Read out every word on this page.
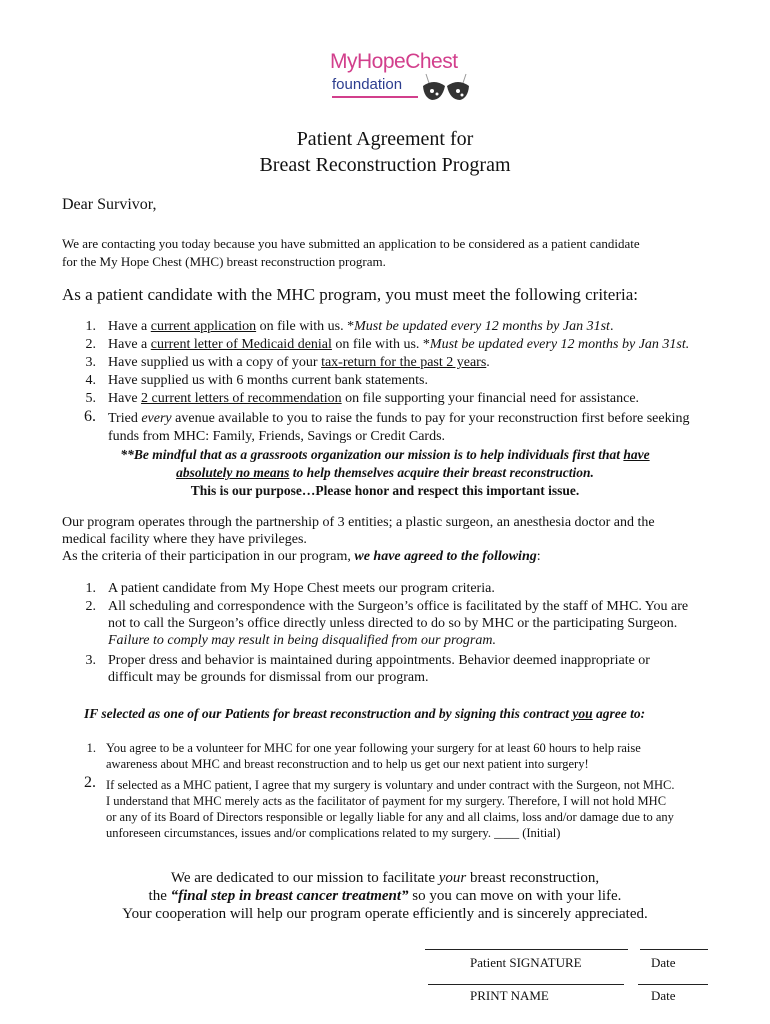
MyHopeChest
foundation
Patient Agreement for
Breast Reconstruction Program
Dear Survivor,
We are contacting you today because you have submitted an application to be considered as a patient candidate
for the My Hope Chest (MHC) breast reconstruction program.
As a patient candidate with the MHC program, you must meet the following criteria:
1. Have a current application on file with us. *Must be updated every 12 months by Jan 31st.
2. Have a current letter of Medicaid denial on file with us. *Must be updated every 12 months by Jan 31st.
3. Have supplied us with a copy of your tax-return for the past 2 years.
4. Have supplied us with 6 months current bank statements.
5. Have 2 current letters of recommendation on file supporting your financial need for assistance.
6. Tried every avenue available to you to raise the funds to pay for your reconstruction first before seeking
funds from MHC: Family, Friends, Savings or Credit Cards.
**Be mindful that as a grassroots organization our mission is to help individuals first that have
absolutely no means to help themselves acquire their breast reconstruction.
This is our purpose…Please honor and respect this important issue.
Our program operates through the partnership of 3 entities; a plastic surgeon, an anesthesia doctor and the
medical facility where they have privileges.
As the criteria of their participation in our program, we have agreed to the following:
1. A patient candidate from My Hope Chest meets our program criteria.
2. All scheduling and correspondence with the Surgeon’s office is facilitated by the staff of MHC. You are
not to call the Surgeon’s office directly unless directed to do so by MHC or the participating Surgeon.
Failure to comply may result in being disqualified from our program.
3. Proper dress and behavior is maintained during appointments. Behavior deemed inappropriate or
difficult may be grounds for dismissal from our program.
IF selected as one of our Patients for breast reconstruction and by signing this contract you agree to:
1. You agree to be a volunteer for MHC for one year following your surgery for at least 60 hours to help raise
awareness about MHC and breast reconstruction and to help us get our next patient into surgery!
2. If selected as a MHC patient, I agree that my surgery is voluntary and under contract with the Surgeon, not MHC.
I understand that MHC merely acts as the facilitator of payment for my surgery. Therefore, I will not hold MHC
or any of its Board of Directors responsible or legally liable for any and all claims, loss and/or damage due to any
unforeseen circumstances, issues and/or complications related to my surgery. ____ (Initial)
We are dedicated to our mission to facilitate your breast reconstruction,
the “final step in breast cancer treatment” so you can move on with your life.
Your cooperation will help our program operate efficiently and is sincerely appreciated.
Patient SIGNATURE	Date
PRINT NAME	Date
